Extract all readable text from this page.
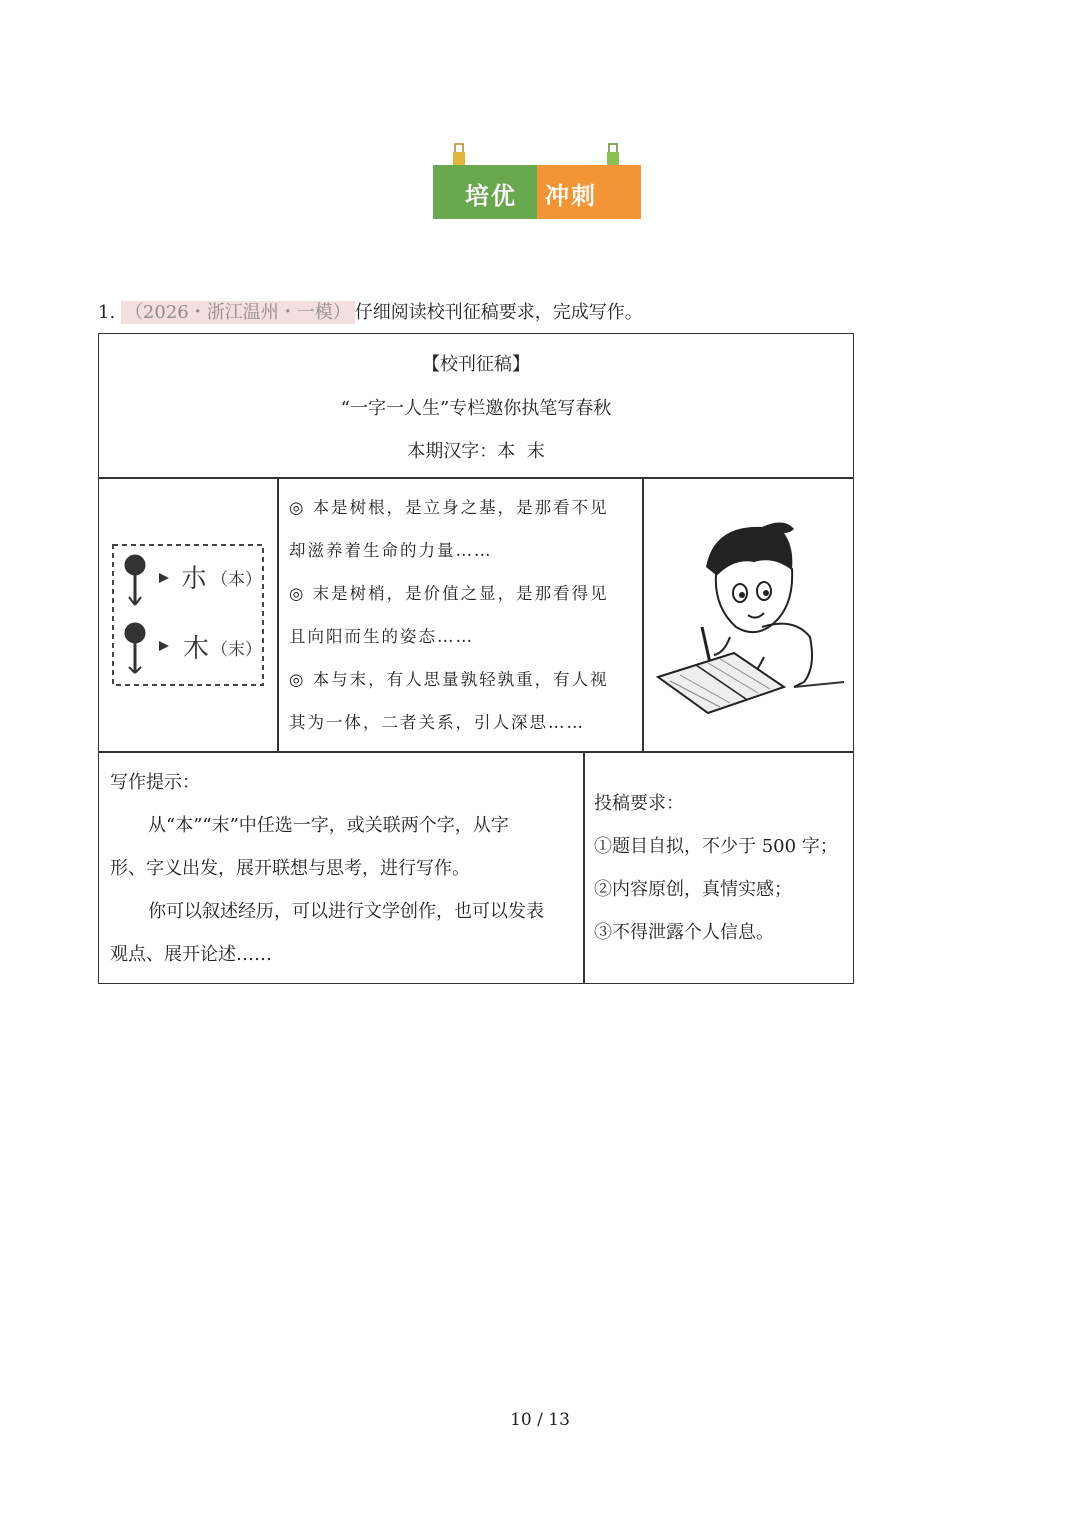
培优 冲刺
1. （2026・浙江温州・一模） 仔细阅读校刊征稿要求，完成写作。
【校刊征稿】
“一字一人生”专栏邀你执笔写春秋
本期汉字：本  末
朩 （本）
木 （末）

◎ 本是树根，是立身之基，是那看不见

却滋养着生命的力量……

◎ 末是树梢，是价值之显，是那看得见

且向阳而生的姿态……

◎ 本与末，有人思量孰轻孰重，有人视

其为一体，二者关系，引人深思……

写作提示：

从“本”“末”中任选一字，或关联两个字，从字

形、字义出发，展开联想与思考，进行写作。

你可以叙述经历，可以进行文学创作，也可以发表

观点、展开论述……

投稿要求：

①题目自拟，不少于 500 字；

②内容原创，真情实感；

③不得泄露个人信息。

10 / 13
